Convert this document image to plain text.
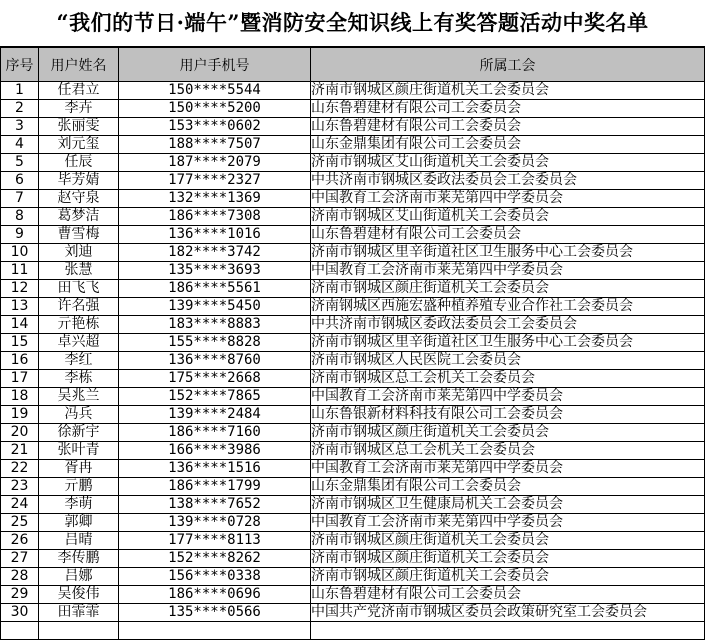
“我们的节日·端午”暨消防安全知识线上有奖答题活动中奖名单
序号	用户姓名	用户手机号	所属工会
1	任君立	150****5544	济南市钢城区颜庄街道机关工会委员会
2	李卉	150****5200	山东鲁碧建材有限公司工会委员会
3	张丽雯	153****0602	山东鲁碧建材有限公司工会委员会
4	刘元玺	188****7507	山东金鼎集团有限公司工会委员会
5	任辰	187****2079	济南市钢城区艾山街道机关工会委员会
6	毕芳婧	177****2327	中共济南市钢城区委政法委员会工会委员会
7	赵守泉	132****1369	中国教育工会济南市莱芜第四中学委员会
8	葛梦洁	186****7308	济南市钢城区艾山街道机关工会委员会
9	曹雪梅	136****1016	山东鲁碧建材有限公司工会委员会
10	刘迪	182****3742	济南市钢城区里辛街道社区卫生服务中心工会委员会
11	张慧	135****3693	中国教育工会济南市莱芜第四中学委员会
12	田飞飞	186****5561	济南市钢城区颜庄街道机关工会委员会
13	许名强	139****5450	济南钢城区西施宏盛种植养殖专业合作社工会委员会
14	亓艳栋	183****8883	中共济南市钢城区委政法委员会工会委员会
15	卓兴超	155****8828	济南市钢城区里辛街道社区卫生服务中心工会委员会
16	李红	136****8760	济南市钢城区人民医院工会委员会
17	李栋	175****2668	济南市钢城区总工会机关工会委员会
18	吴兆兰	152****7865	中国教育工会济南市莱芜第四中学委员会
19	冯兵	139****2484	山东鲁银新材料科技有限公司工会委员会
20	徐新宇	186****7160	济南市钢城区颜庄街道机关工会委员会
21	张叶青	166****3986	济南市钢城区总工会机关工会委员会
22	胥冉	136****1516	中国教育工会济南市莱芜第四中学委员会
23	亓鹏	186****1799	山东金鼎集团有限公司工会委员会
24	李萌	138****7652	济南市钢城区卫生健康局机关工会委员会
25	郭卿	139****0728	中国教育工会济南市莱芜第四中学委员会
26	吕晴	177****8113	济南市钢城区颜庄街道机关工会委员会
27	李传鹏	152****8262	济南市钢城区颜庄街道机关工会委员会
28	吕娜	156****0338	济南市钢城区颜庄街道机关工会委员会
29	吴俊伟	186****0696	山东鲁碧建材有限公司工会委员会
30	田霏霏	135****0566	中国共产党济南市钢城区委员会政策研究室工会委员会
